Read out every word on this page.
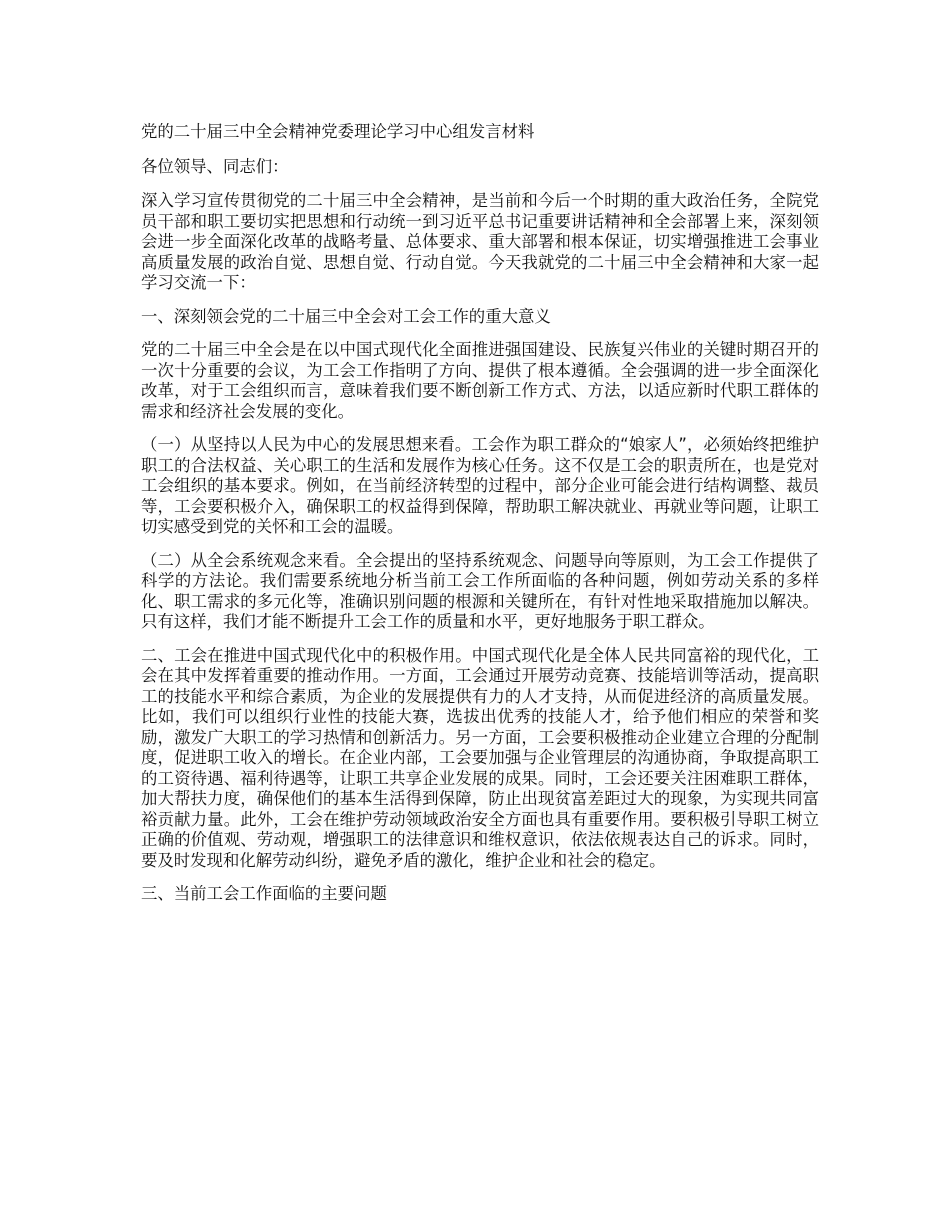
党的二十届三中全会精神党委理论学习中心组发言材料

各位领导、同志们：

深入学习宣传贯彻党的二十届三中全会精神，是当前和今后一个时期的重大政治任务，全院党员干部和职工要切实把思想和行动统一到习近平总书记重要讲话精神和全会部署上来，深刻领会进一步全面深化改革的战略考量、总体要求、重大部署和根本保证，切实增强推进工会事业高质量发展的政治自觉、思想自觉、行动自觉。今天我就党的二十届三中全会精神和大家一起学习交流一下：

一、深刻领会党的二十届三中全会对工会工作的重大意义

党的二十届三中全会是在以中国式现代化全面推进强国建设、民族复兴伟业的关键时期召开的一次十分重要的会议，为工会工作指明了方向、提供了根本遵循。全会强调的进一步全面深化改革，对于工会组织而言，意味着我们要不断创新工作方式、方法，以适应新时代职工群体的需求和经济社会发展的变化。

（一）从坚持以人民为中心的发展思想来看。工会作为职工群众的“娘家人”，必须始终把维护职工的合法权益、关心职工的生活和发展作为核心任务。这不仅是工会的职责所在，也是党对工会组织的基本要求。例如，在当前经济转型的过程中，部分企业可能会进行结构调整、裁员等，工会要积极介入，确保职工的权益得到保障，帮助职工解决就业、再就业等问题，让职工切实感受到党的关怀和工会的温暖。

（二）从全会系统观念来看。全会提出的坚持系统观念、问题导向等原则，为工会工作提供了科学的方法论。我们需要系统地分析当前工会工作所面临的各种问题，例如劳动关系的多样化、职工需求的多元化等，准确识别问题的根源和关键所在，有针对性地采取措施加以解决。只有这样，我们才能不断提升工会工作的质量和水平，更好地服务于职工群众。

二、工会在推进中国式现代化中的积极作用。中国式现代化是全体人民共同富裕的现代化，工会在其中发挥着重要的推动作用。一方面，工会通过开展劳动竞赛、技能培训等活动，提高职工的技能水平和综合素质，为企业的发展提供有力的人才支持，从而促进经济的高质量发展。比如，我们可以组织行业性的技能大赛，选拔出优秀的技能人才，给予他们相应的荣誉和奖励，激发广大职工的学习热情和创新活力。另一方面，工会要积极推动企业建立合理的分配制度，促进职工收入的增长。在企业内部，工会要加强与企业管理层的沟通协商，争取提高职工的工资待遇、福利待遇等，让职工共享企业发展的成果。同时，工会还要关注困难职工群体，加大帮扶力度，确保他们的基本生活得到保障，防止出现贫富差距过大的现象，为实现共同富裕贡献力量。此外，工会在维护劳动领域政治安全方面也具有重要作用。要积极引导职工树立正确的价值观、劳动观，增强职工的法律意识和维权意识，依法依规表达自己的诉求。同时，要及时发现和化解劳动纠纷，避免矛盾的激化，维护企业和社会的稳定。

三、当前工会工作面临的主要问题
